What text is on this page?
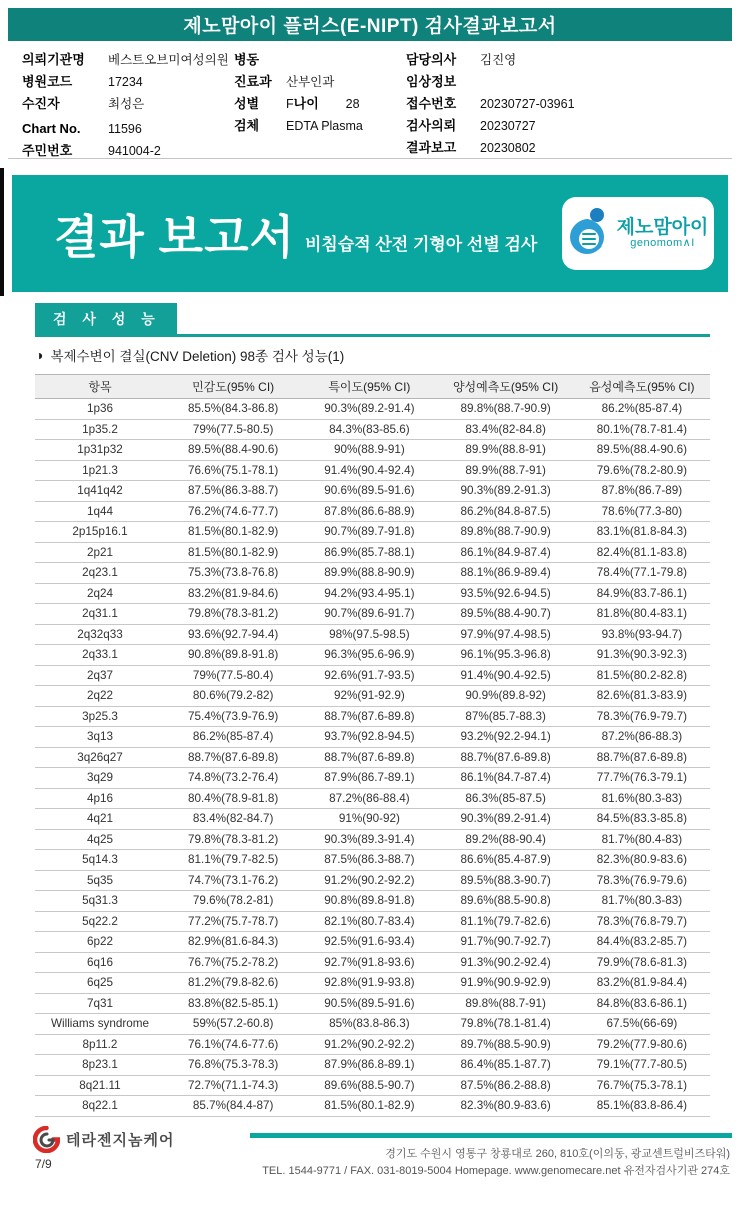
제노맘아이 플러스(E-NIPT) 검사결과보고서
의뢰기관명	베스트오브미여성의원
병원코드	17234
수진자	최성은
Chart No.	11596
주민번호	941004-2
병동
진료과	산부인과
성별	F 나이	28
검체	EDTA Plasma
담당의사	김진영
임상정보
접수번호	20230727-03961
검사의뢰	20230727
결과보고	20230802
결과 보고서 비침습적 산전 기형아 선별 검사
제노맘아이
genomom∧I
검 사 성 능
◑ 복제수변이 결실(CNV Deletion) 98종 검사 성능(1)
항목	민감도(95% CI)	특이도(95% CI)	양성예측도(95% CI)	음성예측도(95% CI)
1p36	85.5%(84.3-86.8)	90.3%(89.2-91.4)	89.8%(88.7-90.9)	86.2%(85-87.4)
1p35.2	79%(77.5-80.5)	84.3%(83-85.6)	83.4%(82-84.8)	80.1%(78.7-81.4)
1p31p32	89.5%(88.4-90.6)	90%(88.9-91)	89.9%(88.8-91)	89.5%(88.4-90.6)
1p21.3	76.6%(75.1-78.1)	91.4%(90.4-92.4)	89.9%(88.7-91)	79.6%(78.2-80.9)
1q41q42	87.5%(86.3-88.7)	90.6%(89.5-91.6)	90.3%(89.2-91.3)	87.8%(86.7-89)
1q44	76.2%(74.6-77.7)	87.8%(86.6-88.9)	86.2%(84.8-87.5)	78.6%(77.3-80)
2p15p16.1	81.5%(80.1-82.9)	90.7%(89.7-91.8)	89.8%(88.7-90.9)	83.1%(81.8-84.3)
2p21	81.5%(80.1-82.9)	86.9%(85.7-88.1)	86.1%(84.9-87.4)	82.4%(81.1-83.8)
2q23.1	75.3%(73.8-76.8)	89.9%(88.8-90.9)	88.1%(86.9-89.4)	78.4%(77.1-79.8)
2q24	83.2%(81.9-84.6)	94.2%(93.4-95.1)	93.5%(92.6-94.5)	84.9%(83.7-86.1)
2q31.1	79.8%(78.3-81.2)	90.7%(89.6-91.7)	89.5%(88.4-90.7)	81.8%(80.4-83.1)
2q32q33	93.6%(92.7-94.4)	98%(97.5-98.5)	97.9%(97.4-98.5)	93.8%(93-94.7)
2q33.1	90.8%(89.8-91.8)	96.3%(95.6-96.9)	96.1%(95.3-96.8)	91.3%(90.3-92.3)
2q37	79%(77.5-80.4)	92.6%(91.7-93.5)	91.4%(90.4-92.5)	81.5%(80.2-82.8)
2q22	80.6%(79.2-82)	92%(91-92.9)	90.9%(89.8-92)	82.6%(81.3-83.9)
3p25.3	75.4%(73.9-76.9)	88.7%(87.6-89.8)	87%(85.7-88.3)	78.3%(76.9-79.7)
3q13	86.2%(85-87.4)	93.7%(92.8-94.5)	93.2%(92.2-94.1)	87.2%(86-88.3)
3q26q27	88.7%(87.6-89.8)	88.7%(87.6-89.8)	88.7%(87.6-89.8)	88.7%(87.6-89.8)
3q29	74.8%(73.2-76.4)	87.9%(86.7-89.1)	86.1%(84.7-87.4)	77.7%(76.3-79.1)
4p16	80.4%(78.9-81.8)	87.2%(86-88.4)	86.3%(85-87.5)	81.6%(80.3-83)
4q21	83.4%(82-84.7)	91%(90-92)	90.3%(89.2-91.4)	84.5%(83.3-85.8)
4q25	79.8%(78.3-81.2)	90.3%(89.3-91.4)	89.2%(88-90.4)	81.7%(80.4-83)
5q14.3	81.1%(79.7-82.5)	87.5%(86.3-88.7)	86.6%(85.4-87.9)	82.3%(80.9-83.6)
5q35	74.7%(73.1-76.2)	91.2%(90.2-92.2)	89.5%(88.3-90.7)	78.3%(76.9-79.6)
5q31.3	79.6%(78.2-81)	90.8%(89.8-91.8)	89.6%(88.5-90.8)	81.7%(80.3-83)
5q22.2	77.2%(75.7-78.7)	82.1%(80.7-83.4)	81.1%(79.7-82.6)	78.3%(76.8-79.7)
6p22	82.9%(81.6-84.3)	92.5%(91.6-93.4)	91.7%(90.7-92.7)	84.4%(83.2-85.7)
6q16	76.7%(75.2-78.2)	92.7%(91.8-93.6)	91.3%(90.2-92.4)	79.9%(78.6-81.3)
6q25	81.2%(79.8-82.6)	92.8%(91.9-93.8)	91.9%(90.9-92.9)	83.2%(81.9-84.4)
7q31	83.8%(82.5-85.1)	90.5%(89.5-91.6)	89.8%(88.7-91)	84.8%(83.6-86.1)
Williams syndrome	59%(57.2-60.8)	85%(83.8-86.3)	79.8%(78.1-81.4)	67.5%(66-69)
8p11.2	76.1%(74.6-77.6)	91.2%(90.2-92.2)	89.7%(88.5-90.9)	79.2%(77.9-80.6)
8p23.1	76.8%(75.3-78.3)	87.9%(86.8-89.1)	86.4%(85.1-87.7)	79.1%(77.7-80.5)
8q21.11	72.7%(71.1-74.3)	89.6%(88.5-90.7)	87.5%(86.2-88.8)	76.7%(75.3-78.1)
8q22.1	85.7%(84.4-87)	81.5%(80.1-82.9)	82.3%(80.9-83.6)	85.1%(83.8-86.4)
테라젠지놈케어
경기도 수원시 영통구 창룡대로 260, 810호(이의동, 광교센트럴비즈타워)
TEL. 1544-9771 / FAX. 031-8019-5004 Homepage. www.genomecare.net 유전자검사기관 274호
7/9
